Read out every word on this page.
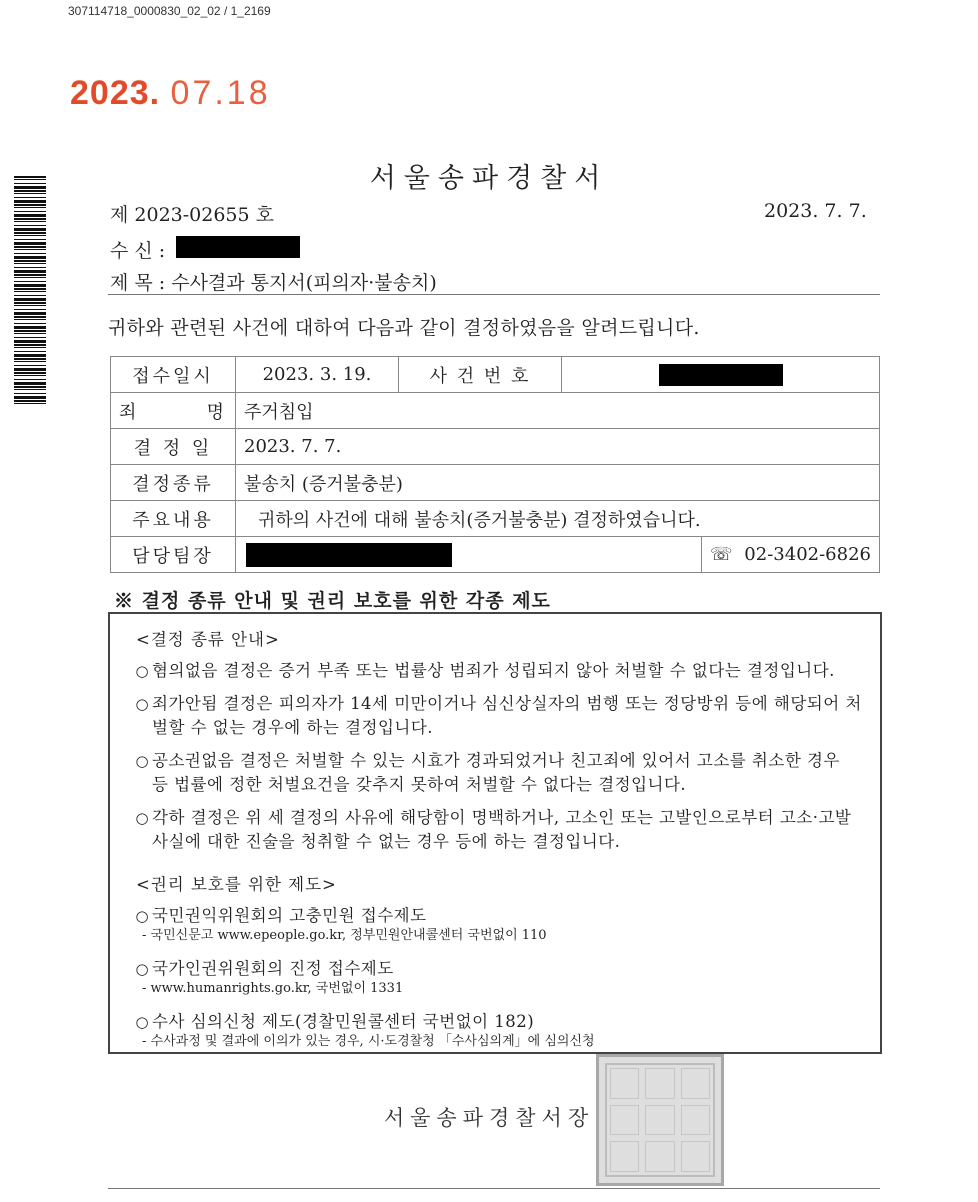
307114718_0000830_02_02 / 1_2169
2023. 07.18
서울송파경찰서
제 2023-02655 호	2023. 7. 7.
수 신 :
제 목 : 수사결과 통지서(피의자·불송치)
귀하와 관련된 사건에 대하여 다음과 같이 결정하였음을 알려드립니다.
접수일시	2023. 3. 19.	사 건 번 호		

죄 명	주거침입			
결 정 일	2023. 7. 7.			
결정종류	불송치 (증거불충분)			
주요내용	귀하의 사건에 대해 불송치(증거불충분) 결정하였습니다.			
담당팀장				☏ 02-3402-6826
※ 결정 종류 안내 및 권리 보호를 위한 각종 제도
<결정 종류 안내>
○ 혐의없음 결정은 증거 부족 또는 법률상 범죄가 성립되지 않아 처벌할 수 없다는 결정입니다.
○ 죄가안됨 결정은 피의자가 14세 미만이거나 심신상실자의 범행 또는 정당방위 등에 해당되어 처벌할 수 없는 경우에 하는 결정입니다.
○ 공소권없음 결정은 처벌할 수 있는 시효가 경과되었거나 친고죄에 있어서 고소를 취소한 경우 등 법률에 정한 처벌요건을 갖추지 못하여 처벌할 수 없다는 결정입니다.
○ 각하 결정은 위 세 결정의 사유에 해당함이 명백하거나, 고소인 또는 고발인으로부터 고소·고발 사실에 대한 진술을 청취할 수 없는 경우 등에 하는 결정입니다.
<권리 보호를 위한 제도>
○ 국민권익위원회의 고충민원 접수제도
- 국민신문고 www.epeople.go.kr, 정부민원안내콜센터 국번없이 110
○ 국가인권위원회의 진정 접수제도
- www.humanrights.go.kr, 국번없이 1331
○ 수사 심의신청 제도(경찰민원콜센터 국번없이 182)
- 수사과정 및 결과에 이의가 있는 경우, 시·도경찰청 「수사심의계」에 심의신청
서울송파경찰서장
